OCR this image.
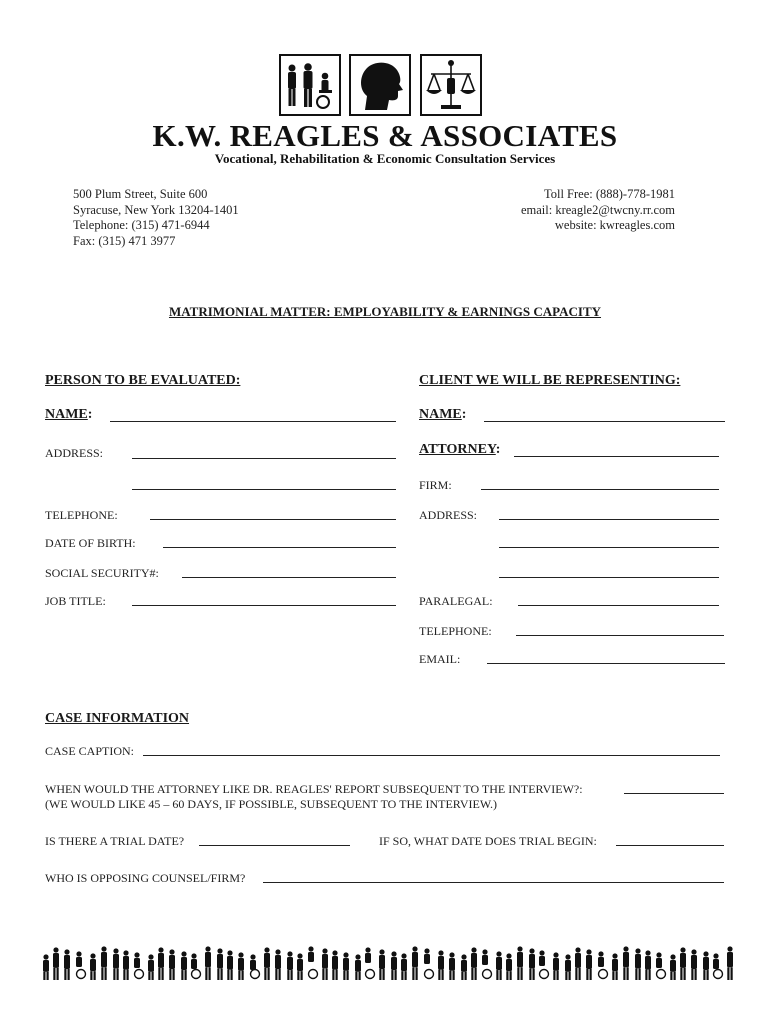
K.W. REAGLES & ASSOCIATES
Vocational, Rehabilitation & Economic Consultation Services
500 Plum Street, Suite 600
Syracuse, New York 13204-1401
Telephone: (315) 471-6944
Fax: (315) 471 3977
Toll Free: (888)-778-1981
email: kreagle2@twcny.rr.com
website: kwreagles.com
MATRIMONIAL MATTER: EMPLOYABILITY & EARNINGS CAPACITY
PERSON TO BE EVALUATED:
NAME:
ADDRESS:
TELEPHONE:
DATE OF BIRTH:
SOCIAL SECURITY#:
JOB TITLE:
CLIENT WE WILL BE REPRESENTING:
NAME:
ATTORNEY:
FIRM:
ADDRESS:
PARALEGAL:
TELEPHONE:
EMAIL:
CASE INFORMATION
CASE CAPTION:
WHEN WOULD THE ATTORNEY LIKE DR. REAGLES' REPORT SUBSEQUENT TO THE INTERVIEW?:
(WE WOULD LIKE 45 – 60 DAYS, IF POSSIBLE, SUBSEQUENT TO THE INTERVIEW.)
IS THERE A TRIAL DATE?	IF SO, WHAT DATE DOES TRIAL BEGIN:
WHO IS OPPOSING COUNSEL/FIRM?
